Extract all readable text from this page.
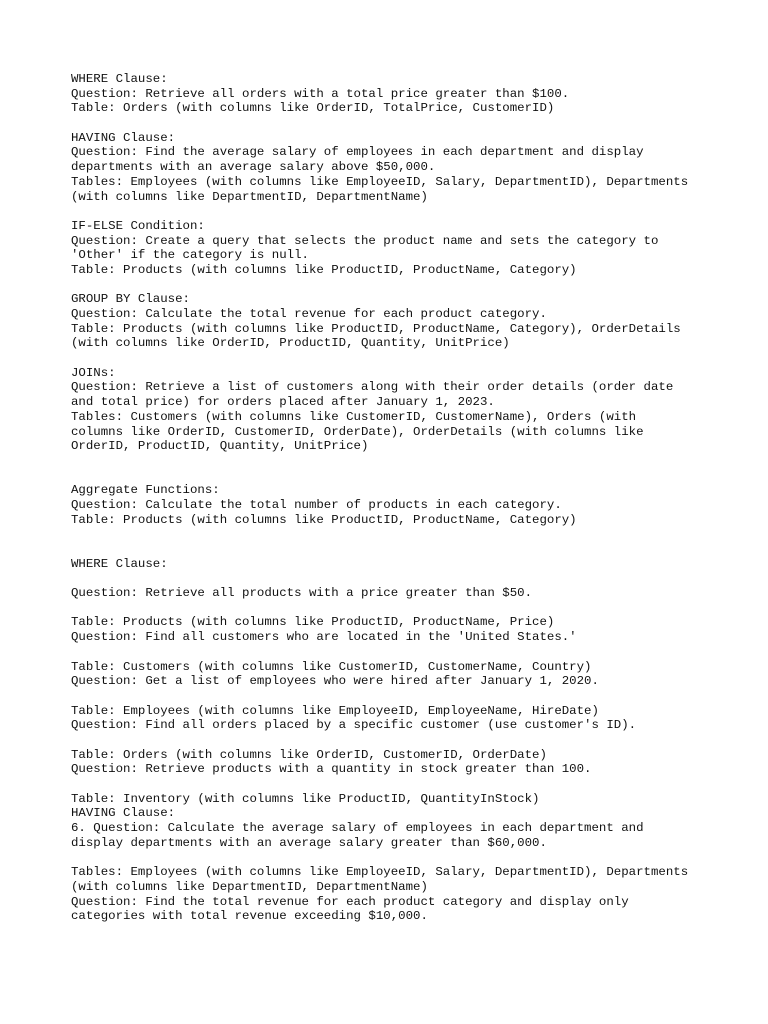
WHERE Clause:
Question: Retrieve all orders with a total price greater than $100.
Table: Orders (with columns like OrderID, TotalPrice, CustomerID)
HAVING Clause:
Question: Find the average salary of employees in each department and display
departments with an average salary above $50,000.
Tables: Employees (with columns like EmployeeID, Salary, DepartmentID), Departments
(with columns like DepartmentID, DepartmentName)
IF-ELSE Condition:
Question: Create a query that selects the product name and sets the category to
'Other' if the category is null.
Table: Products (with columns like ProductID, ProductName, Category)
GROUP BY Clause:
Question: Calculate the total revenue for each product category.
Table: Products (with columns like ProductID, ProductName, Category), OrderDetails
(with columns like OrderID, ProductID, Quantity, UnitPrice)
JOINs:
Question: Retrieve a list of customers along with their order details (order date
and total price) for orders placed after January 1, 2023.
Tables: Customers (with columns like CustomerID, CustomerName), Orders (with
columns like OrderID, CustomerID, OrderDate), OrderDetails (with columns like
OrderID, ProductID, Quantity, UnitPrice)
Aggregate Functions:
Question: Calculate the total number of products in each category.
Table: Products (with columns like ProductID, ProductName, Category)
WHERE Clause:
Question: Retrieve all products with a price greater than $50.
Table: Products (with columns like ProductID, ProductName, Price)
Question: Find all customers who are located in the 'United States.'
Table: Customers (with columns like CustomerID, CustomerName, Country)
Question: Get a list of employees who were hired after January 1, 2020.
Table: Employees (with columns like EmployeeID, EmployeeName, HireDate)
Question: Find all orders placed by a specific customer (use customer's ID).
Table: Orders (with columns like OrderID, CustomerID, OrderDate)
Question: Retrieve products with a quantity in stock greater than 100.
Table: Inventory (with columns like ProductID, QuantityInStock)
HAVING Clause:
6. Question: Calculate the average salary of employees in each department and
display departments with an average salary greater than $60,000.
Tables: Employees (with columns like EmployeeID, Salary, DepartmentID), Departments
(with columns like DepartmentID, DepartmentName)
Question: Find the total revenue for each product category and display only
categories with total revenue exceeding $10,000.
